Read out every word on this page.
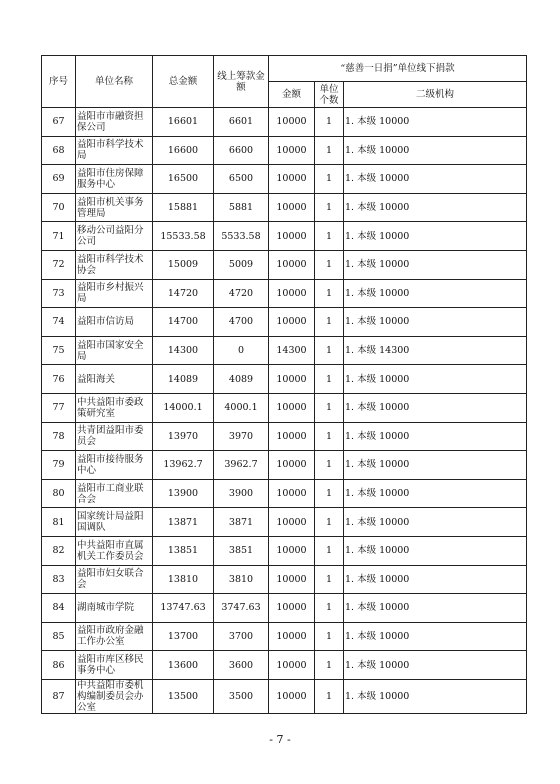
序号	单位名称	总金额	线上筹款金额	“慈善一日捐”单位线下捐款		
				金额	单位个数	二级机构
67	益阳市市融资担保公司	16601	6601	10000	1	1. 本级 10000
68	益阳市科学技术局	16600	6600	10000	1	1. 本级 10000
69	益阳市住房保障服务中心	16500	6500	10000	1	1. 本级 10000
70	益阳市机关事务管理局	15881	5881	10000	1	1. 本级 10000
71	移动公司益阳分公司	15533.58	5533.58	10000	1	1. 本级 10000
72	益阳市科学技术协会	15009	5009	10000	1	1. 本级 10000
73	益阳市乡村振兴局	14720	4720	10000	1	1. 本级 10000
74	益阳市信访局	14700	4700	10000	1	1. 本级 10000
75	益阳市国家安全局	14300	0	14300	1	1. 本级 14300
76	益阳海关	14089	4089	10000	1	1. 本级 10000
77	中共益阳市委政策研究室	14000.1	4000.1	10000	1	1. 本级 10000
78	共青团益阳市委员会	13970	3970	10000	1	1. 本级 10000
79	益阳市接待服务中心	13962.7	3962.7	10000	1	1. 本级 10000
80	益阳市工商业联合会	13900	3900	10000	1	1. 本级 10000
81	国家统计局益阳国调队	13871	3871	10000	1	1. 本级 10000
82	中共益阳市直属机关工作委员会	13851	3851	10000	1	1. 本级 10000
83	益阳市妇女联合会	13810	3810	10000	1	1. 本级 10000
84	湖南城市学院	13747.63	3747.63	10000	1	1. 本级 10000
85	益阳市政府金融工作办公室	13700	3700	10000	1	1. 本级 10000
86	益阳市库区移民事务中心	13600	3600	10000	1	1. 本级 10000
87	中共益阳市委机构编制委员会办公室	13500	3500	10000	1	1. 本级 10000
- 7 -
